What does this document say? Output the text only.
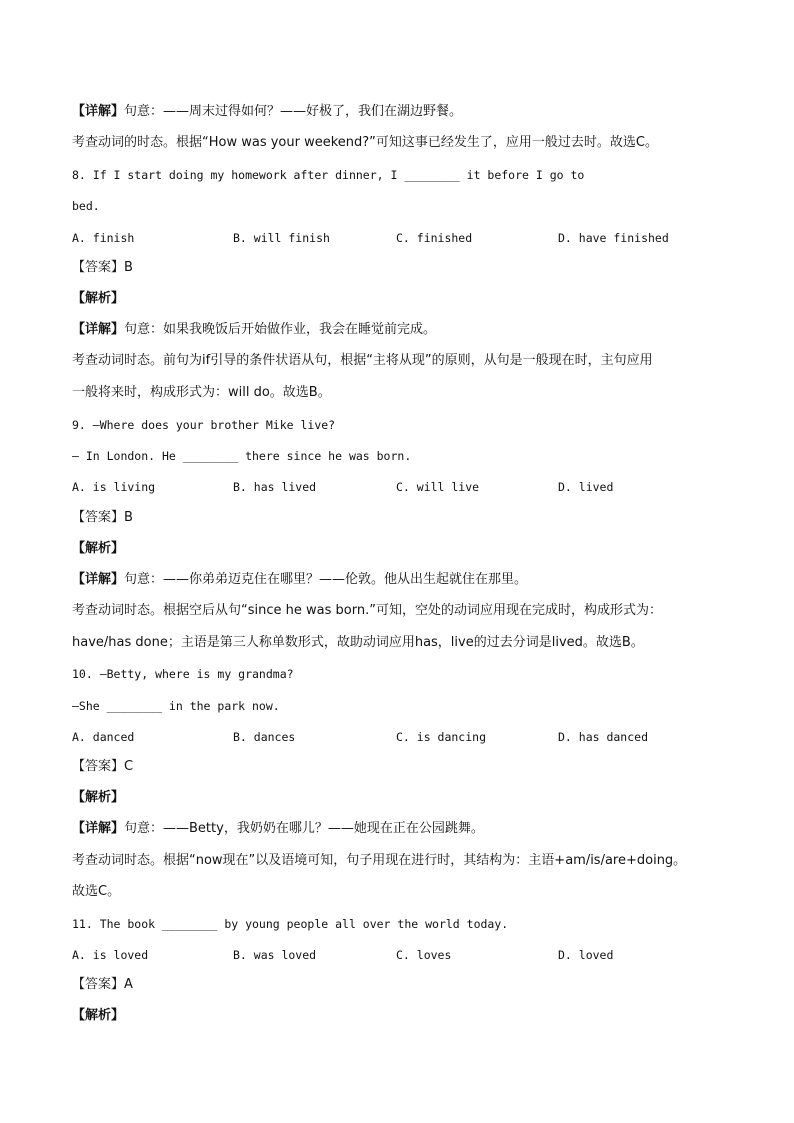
【详解】句意：——周末过得如何？——好极了，我们在湖边野餐。
考查动词的时态。根据“How was your weekend?”可知这事已经发生了，应用一般过去时。故选C。
8. If I start doing my homework after dinner, I ________ it before I go to
bed.
A. finish	B. will finish	C. finished	D. have finished
【答案】B
【解析】
【详解】句意：如果我晚饭后开始做作业，我会在睡觉前完成。
考查动词时态。前句为if引导的条件状语从句，根据“主将从现”的原则，从句是一般现在时，主句应用
一般将来时，构成形式为：will do。故选B。
9. —Where does your brother Mike live?
— In London. He ________ there since he was born.
A. is living	B. has lived	C. will live	D. lived
【答案】B
【解析】
【详解】句意：——你弟弟迈克住在哪里？——伦敦。他从出生起就住在那里。
考查动词时态。根据空后从句“since he was born.”可知，空处的动词应用现在完成时，构成形式为：
have/has done；主语是第三人称单数形式，故助动词应用has，live的过去分词是lived。故选B。
10. —Betty, where is my grandma?
—She ________ in the park now.
A. danced	B. dances	C. is dancing	D. has danced
【答案】C
【解析】
【详解】句意：——Betty，我奶奶在哪儿？——她现在正在公园跳舞。
考查动词时态。根据“now现在”以及语境可知，句子用现在进行时，其结构为：主语+am/is/are+doing。
故选C。
11. The book ________ by young people all over the world today.
A. is loved	B. was loved	C. loves	D. loved
【答案】A
【解析】
